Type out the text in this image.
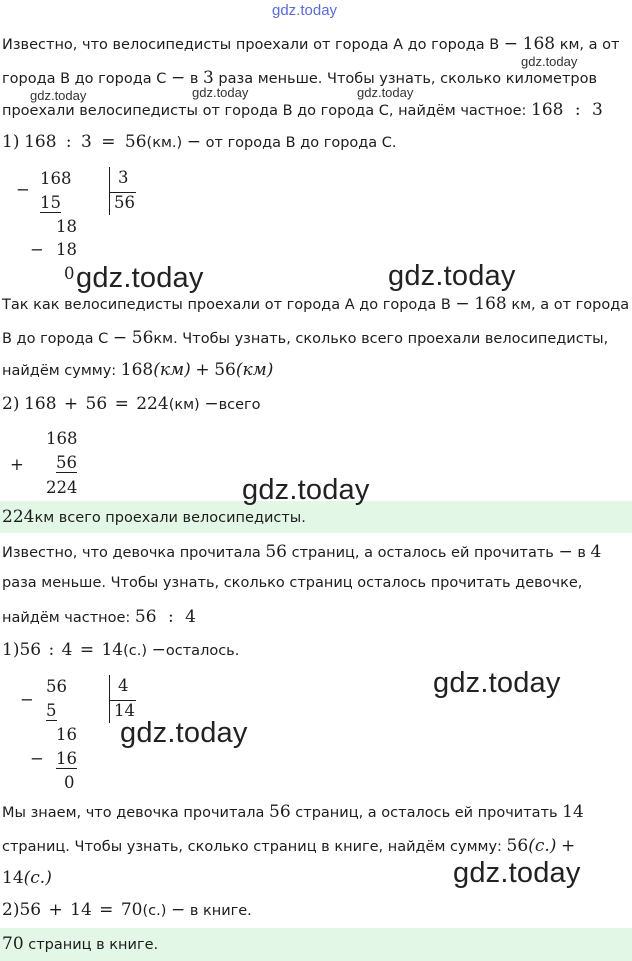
gdz.today
gdz.today
gdz.today	gdz.today	gdz.today
Известно, что велосипедисты проехали от города А до города В − 168 км, а от
города В до города С − в 3 раза меньше. Чтобы узнать, сколько километров
проехали велосипедисты от города В до города С, найдём частное: 168 : 3
1) 168 : 3 = 56(км.) − от города В до города С.
−
168
15
18
− 18
0
3
56
gdz.today	gdz.today
Так как велосипедисты проехали от города А до города В − 168 км, а от города
В до города С − 56км. Чтобы узнать, сколько всего проехали велосипедисты,
найдём сумму: 168(км) + 56(км)
2) 168 + 56 = 224(км) −всего
168
+ 56
224	gdz.today
224км всего проехали велосипедисты.
Известно, что девочка прочитала 56 страниц, а осталось ей прочитать − в 4
раза меньше. Чтобы узнать, сколько страниц осталось прочитать девочке,
найдём частное: 56 : 4
1)56 : 4 = 14(с.) −осталось.
gdz.today
−
56
5
16
− 16
0
4
14
gdz.today
Мы знаем, что девочка прочитала 56 страниц, а осталось ей прочитать 14
страниц. Чтобы узнать, сколько страниц в книге, найдём сумму: 56(с.) +
14(с.)	gdz.today
2)56 + 14 = 70(с.) − в книге.
70 страниц в книге.
